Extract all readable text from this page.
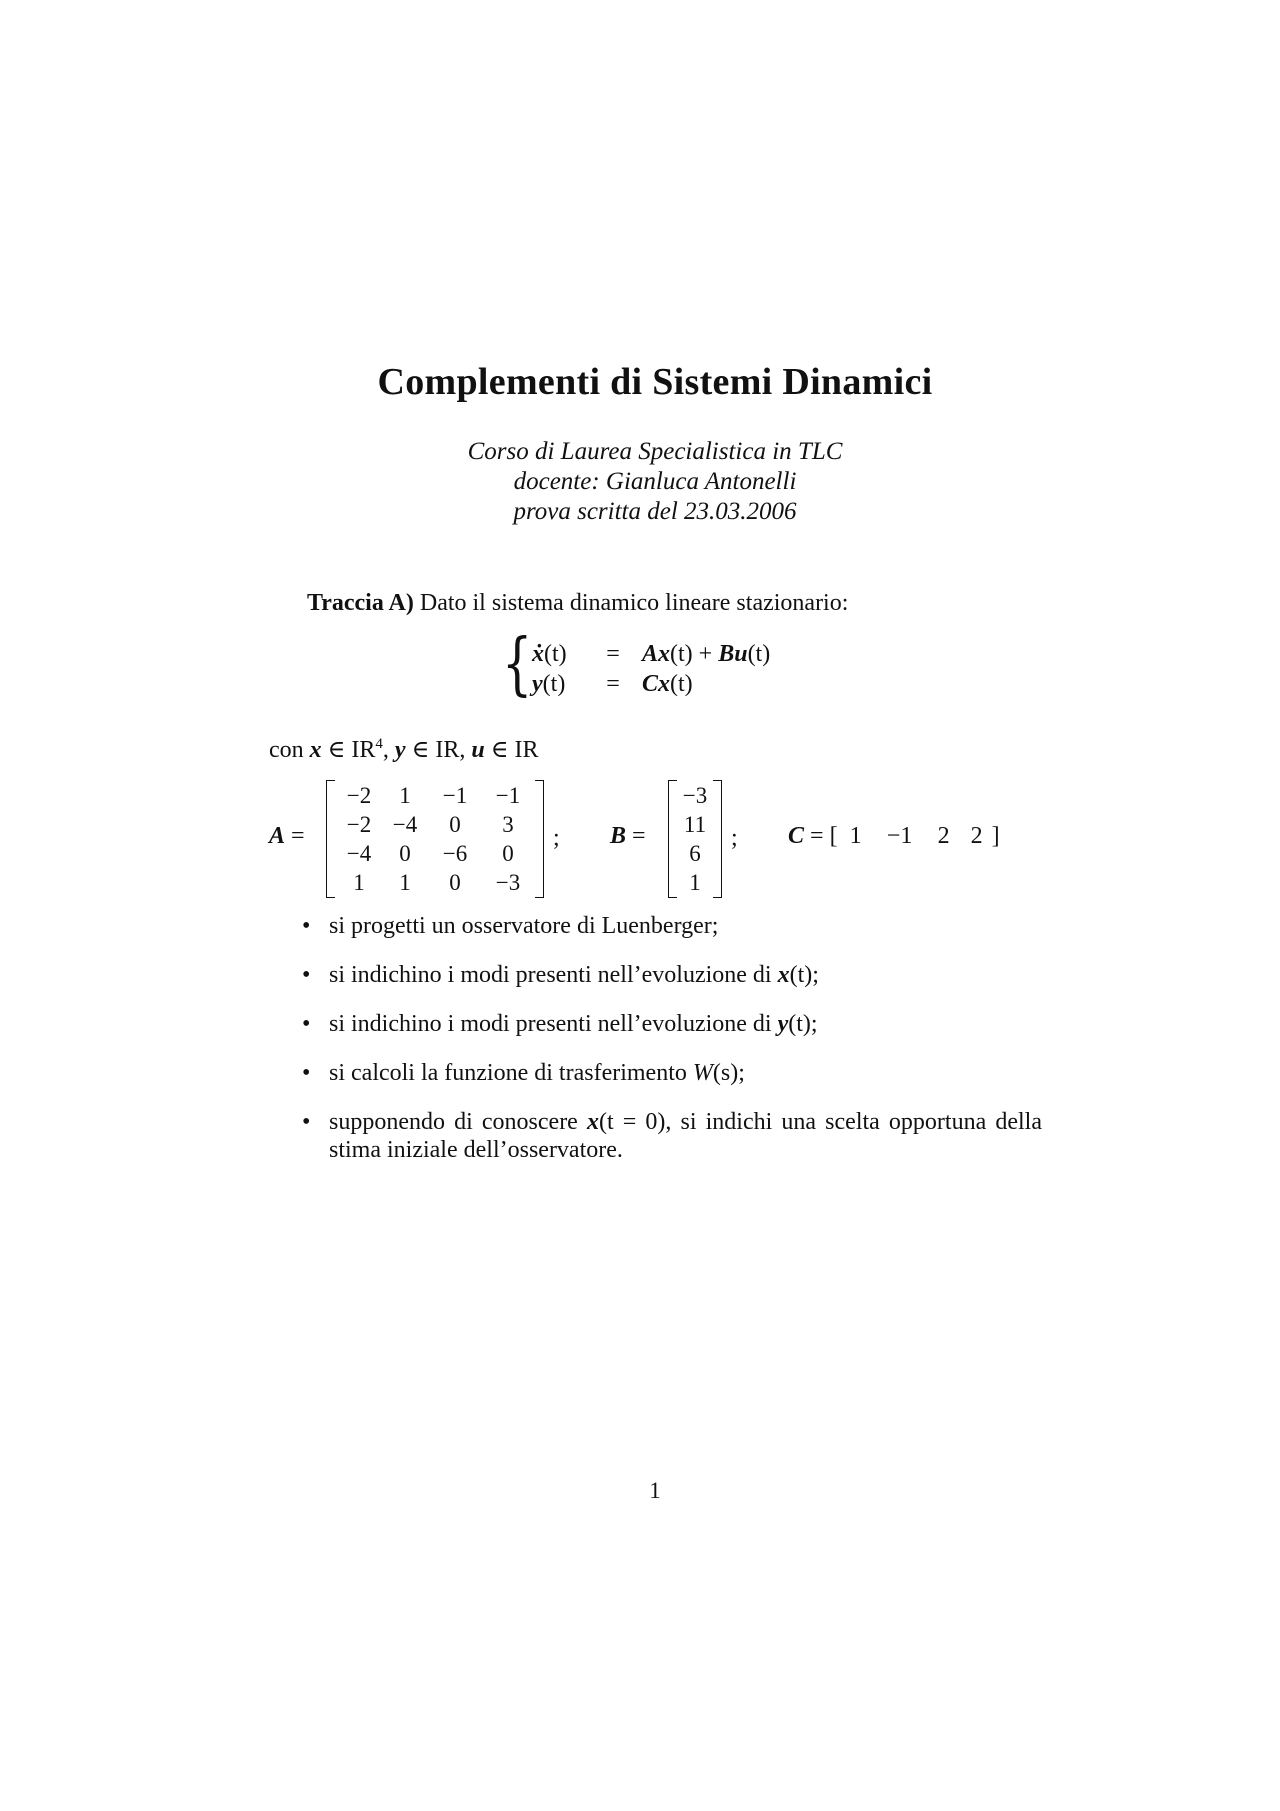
Complementi di Sistemi Dinamici
Corso di Laurea Specialistica in TLC
docente: Gianluca Antonelli
prova scritta del 23.03.2006
Traccia A) Dato il sistema dinamico lineare stazionario:
{ ẋ(t) = Ax(t) + Bu(t)
y(t) = Cx(t)
con x ∈ $IR^4$, y ∈ IR, u ∈ IR
A =
−2	1	−1	−1
−2	−4	0	3
−4	0	−6	0
1	1	0	−3
; B =
−3
11
6
1
; C = [ 1 −1 2 2 ]
• si progetti un osservatore di Luenberger;
• si indichino i modi presenti nell’evoluzione di x(t);
• si indichino i modi presenti nell’evoluzione di y(t);
• si calcoli la funzione di trasferimento W(s);
• supponendo di conoscere x(t = 0), si indichi una scelta opportuna della stima iniziale dell’osservatore.
1
